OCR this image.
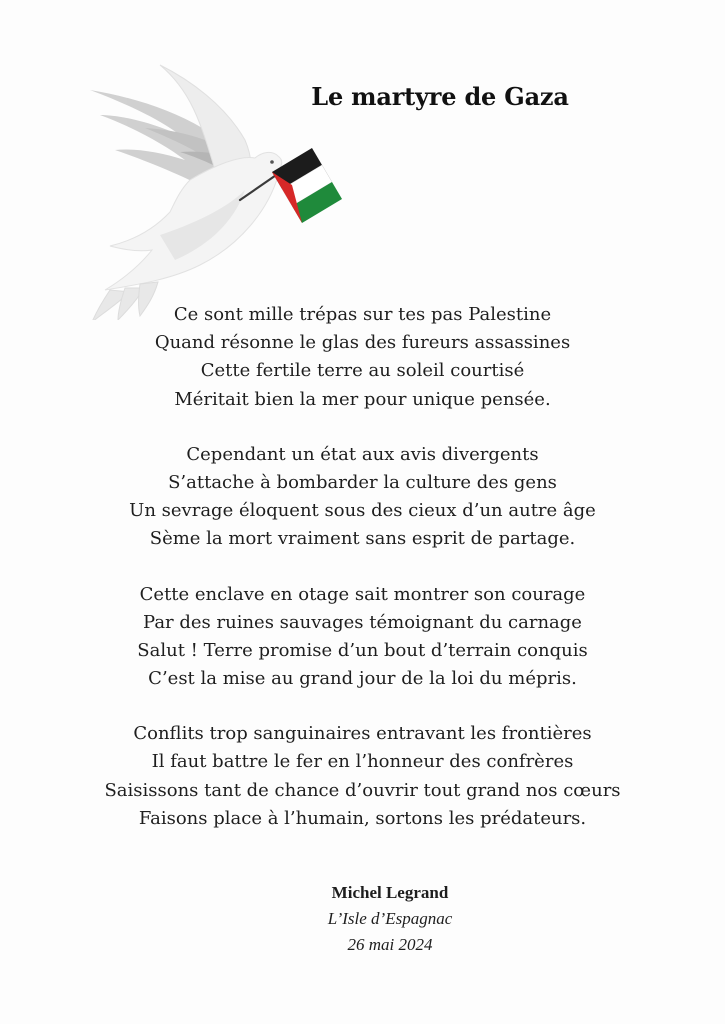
Le martyre de Gaza
Ce sont mille trépas sur tes pas Palestine
Quand résonne le glas des fureurs assassines
Cette fertile terre au soleil courtisé
Méritait bien la mer pour unique pensée.
Cependant un état aux avis divergents
S’attache à bombarder la culture des gens
Un sevrage éloquent sous des cieux d’un autre âge
Sème la mort vraiment sans esprit de partage.
Cette enclave en otage sait montrer son courage
Par des ruines sauvages témoignant du carnage
Salut ! Terre promise d’un bout d’terrain conquis
C’est la mise au grand jour de la loi du mépris.
Conflits trop sanguinaires entravant les frontières
Il faut battre le fer en l’honneur des confrères
Saisissons tant de chance d’ouvrir tout grand nos cœurs
Faisons place à l’humain, sortons les prédateurs.
Michel Legrand
L’Isle d’Espagnac
26 mai 2024
